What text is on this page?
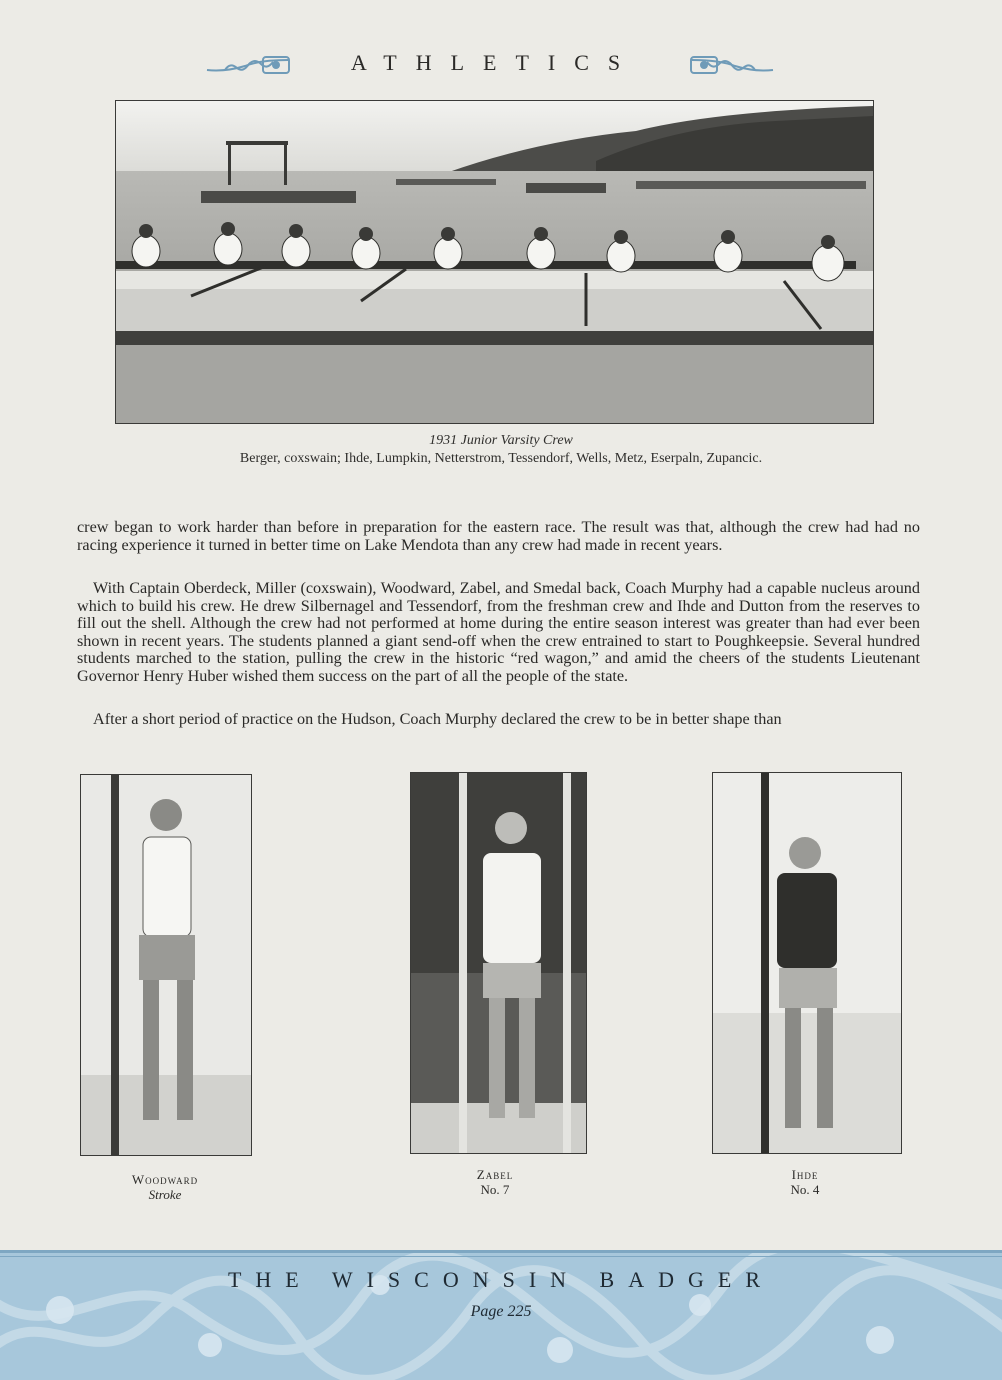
ATHLETICS
1931 Junior Varsity Crew
Berger, coxswain; Ihde, Lumpkin, Netterstrom, Tessendorf, Wells, Metz, Eserpaln, Zupancic.

crew began to work harder than before in preparation for the eastern race. The result was that, although the crew had had no racing experience it turned in better time on Lake Mendota than any crew had made in recent years.

With Captain Oberdeck, Miller (coxswain), Woodward, Zabel, and Smedal back, Coach Murphy had a capable nucleus around which to build his crew. He drew Silbernagel and Tessendorf, from the freshman crew and Ihde and Dutton from the reserves to fill out the shell. Although the crew had not performed at home during the entire season interest was greater than had ever been shown in recent years. The students planned a giant send-off when the crew entrained to start to Poughkeepsie. Several hundred students marched to the station, pulling the crew in the historic “red wagon,” and amid the cheers of the students Lieutenant Governor Henry Huber wished them success on the part of all the people of the state.

After a short period of practice on the Hudson, Coach Murphy declared the crew to be in better shape than

Woodward
Stroke
Zabel
No. 7
Ihde
No. 4
THE WISCONSIN BADGER
Page 225
